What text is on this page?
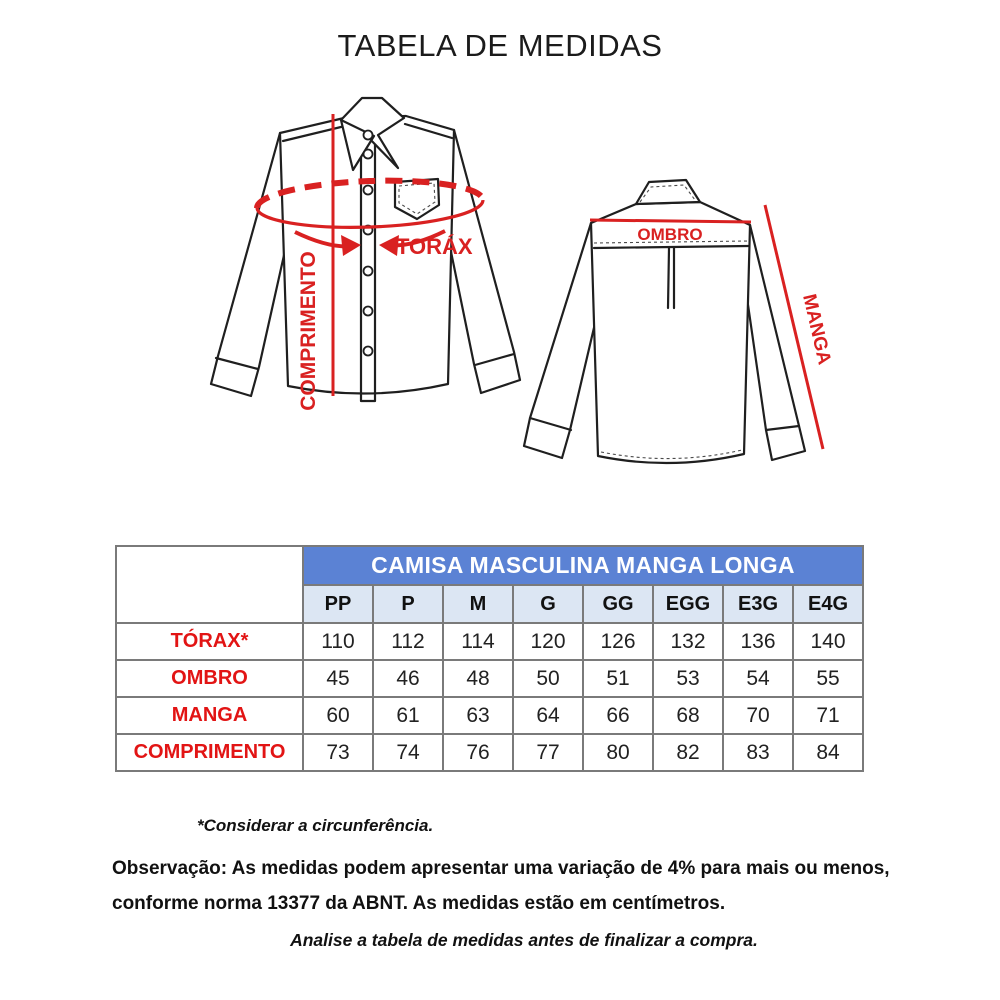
TABELA DE MEDIDAS
TORÁX
COMPRIMENTO
OMBRO
MANGA
	CAMISA MASCULINA MANGA LONGA							
	PP	P	M	G	GG	EGG	E3G	E4G
TÓRAX*	110	112	114	120	126	132	136	140
OMBRO	45	46	48	50	51	53	54	55
MANGA	60	61	63	64	66	68	70	71
COMPRIMENTO	73	74	76	77	80	82	83	84
*Considerar a circunferência.
Observação: As medidas podem apresentar uma variação de 4% para mais ou menos,
conforme norma 13377 da ABNT. As medidas estão em centímetros.
Analise a tabela de medidas antes de finalizar a compra.
